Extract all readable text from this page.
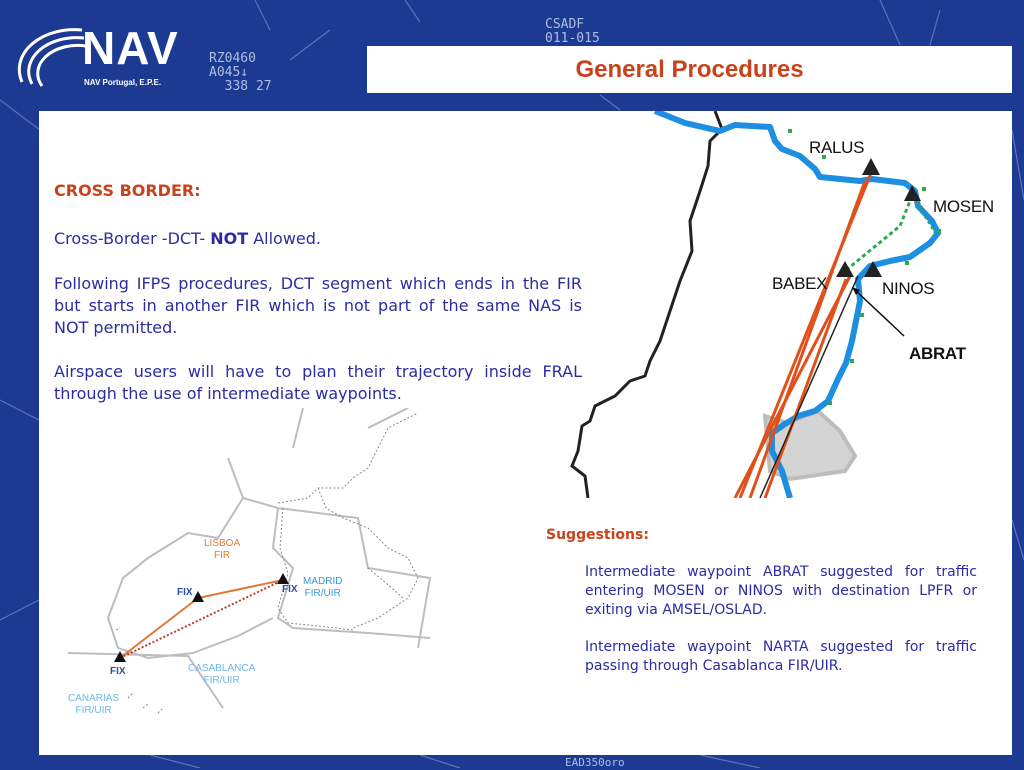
RZ0460
A045↓
338 27
CSADF
011-015
EAD350oro
NAV
NAV Portugal, E.P.E.	General Procedures
CROSS BORDER:
Cross-Border -DCT- NOT Allowed.
Following IFPS procedures, DCT segment which ends in the FIR but starts in another FIR which is not part of the same NAS is NOT permitted.
Airspace users will have to plan their trajectory inside FRAL through the use of intermediate waypoints.
RALUS
MOSEN
BABEX	NINOS
ABRAT
LISBOA
FIR
MADRID
FIR/UIR
CASABLANCA
FIR/UIR
CANARIAS
FIR/UIR
FIX	FIX
FIX
Suggestions:
Intermediate waypoint ABRAT suggested for traffic entering MOSEN or NINOS with destination LPFR or exiting via AMSEL/OSLAD.
Intermediate waypoint NARTA suggested for traffic passing through Casablanca FIR/UIR.
